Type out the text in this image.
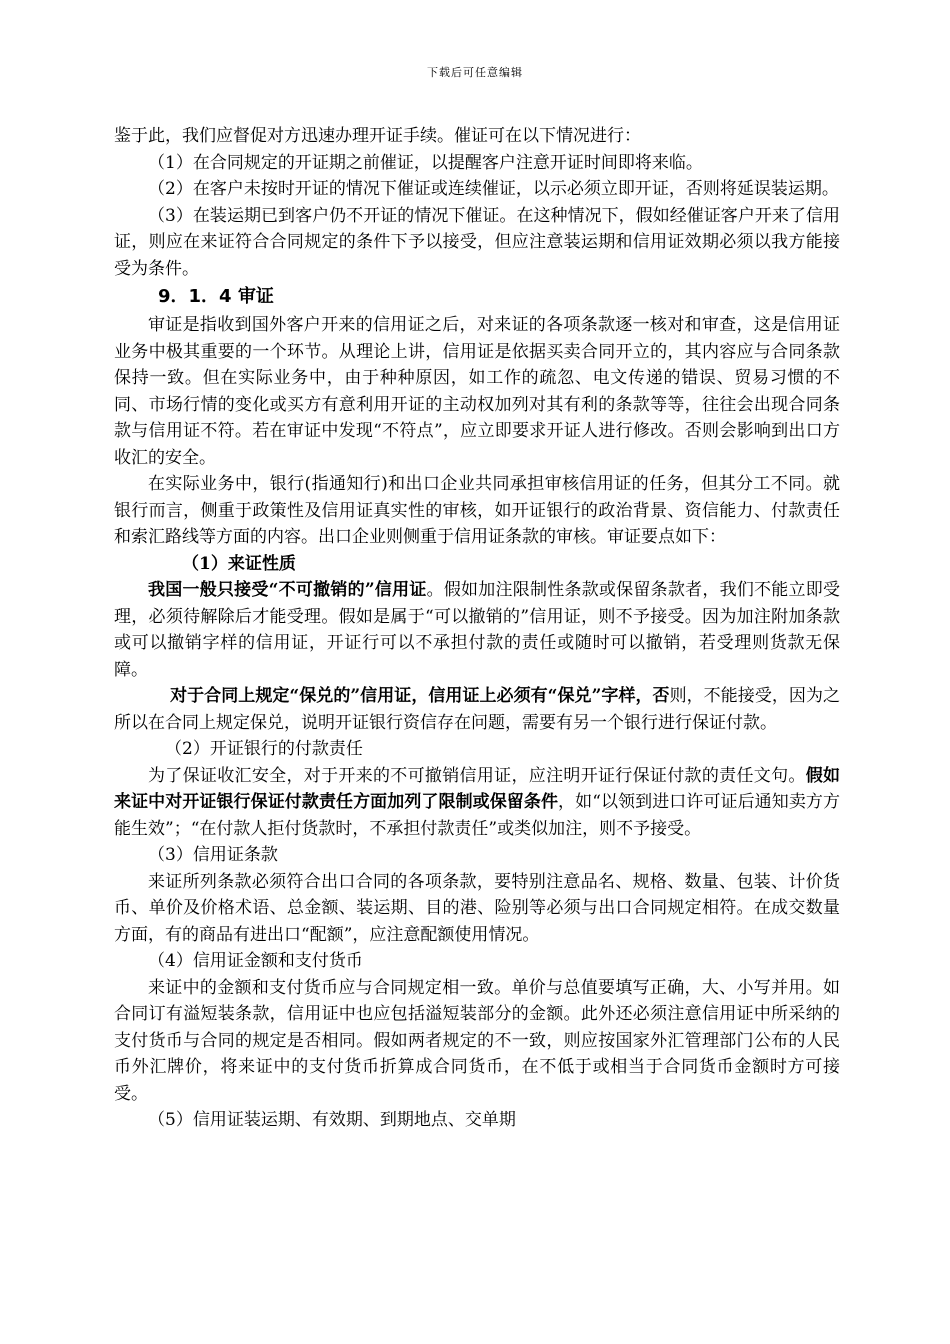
下载后可任意编辑

鉴于此，我们应督促对方迅速办理开证手续。催证可在以下情况进行：

（1）在合同规定的开证期之前催证，以提醒客户注意开证时间即将来临。

（2）在客户未按时开证的情况下催证或连续催证，以示必须立即开证，否则将延误装运期。

（3）在装运期已到客户仍不开证的情况下催证。在这种情况下，假如经催证客户开来了信用证，则应在来证符合合同规定的条件下予以接受，但应注意装运期和信用证效期必须以我方能接受为条件。

9．1．4 审证

审证是指收到国外客户开来的信用证之后，对来证的各项条款逐一核对和审查，这是信用证业务中极其重要的一个环节。从理论上讲，信用证是依据买卖合同开立的，其内容应与合同条款保持一致。但在实际业务中，由于种种原因，如工作的疏忽、电文传递的错误、贸易习惯的不同、市场行情的变化或买方有意利用开证的主动权加列对其有利的条款等等，往往会出现合同条款与信用证不符。若在审证中发现“不符点”，应立即要求开证人进行修改。否则会影响到出口方收汇的安全。

在实际业务中，银行(指通知行)和出口企业共同承担审核信用证的任务，但其分工不同。就银行而言，侧重于政策性及信用证真实性的审核，如开证银行的政治背景、资信能力、付款责任和索汇路线等方面的内容。出口企业则侧重于信用证条款的审核。审证要点如下：

（1）来证性质

我国一般只接受“不可撤销的”信用证。假如加注限制性条款或保留条款者，我们不能立即受理，必须待解除后才能受理。假如是属于“可以撤销的”信用证，则不予接受。因为加注附加条款或可以撤销字样的信用证，开证行可以不承担付款的责任或随时可以撤销，若受理则货款无保障。

对于合同上规定“保兑的”信用证，信用证上必须有“保兑”字样，否则，不能接受，因为之所以在合同上规定保兑，说明开证银行资信存在问题，需要有另一个银行进行保证付款。

（2）开证银行的付款责任

为了保证收汇安全，对于开来的不可撤销信用证，应注明开证行保证付款的责任文句。假如来证中对开证银行保证付款责任方面加列了限制或保留条件，如“以领到进口许可证后通知卖方方能生效”；“在付款人拒付货款时，不承担付款责任”或类似加注，则不予接受。

（3）信用证条款

来证所列条款必须符合出口合同的各项条款，要特别注意品名、规格、数量、包装、计价货币、单价及价格术语、总金额、装运期、目的港、险别等必须与出口合同规定相符。在成交数量方面，有的商品有进出口“配额”，应注意配额使用情况。

（4）信用证金额和支付货币

来证中的金额和支付货币应与合同规定相一致。单价与总值要填写正确，大、小写并用。如合同订有溢短装条款，信用证中也应包括溢短装部分的金额。此外还必须注意信用证中所采纳的支付货币与合同的规定是否相同。假如两者规定的不一致，则应按国家外汇管理部门公布的人民币外汇牌价，将来证中的支付货币折算成合同货币，在不低于或相当于合同货币金额时方可接受。

（5）信用证装运期、有效期、到期地点、交单期
